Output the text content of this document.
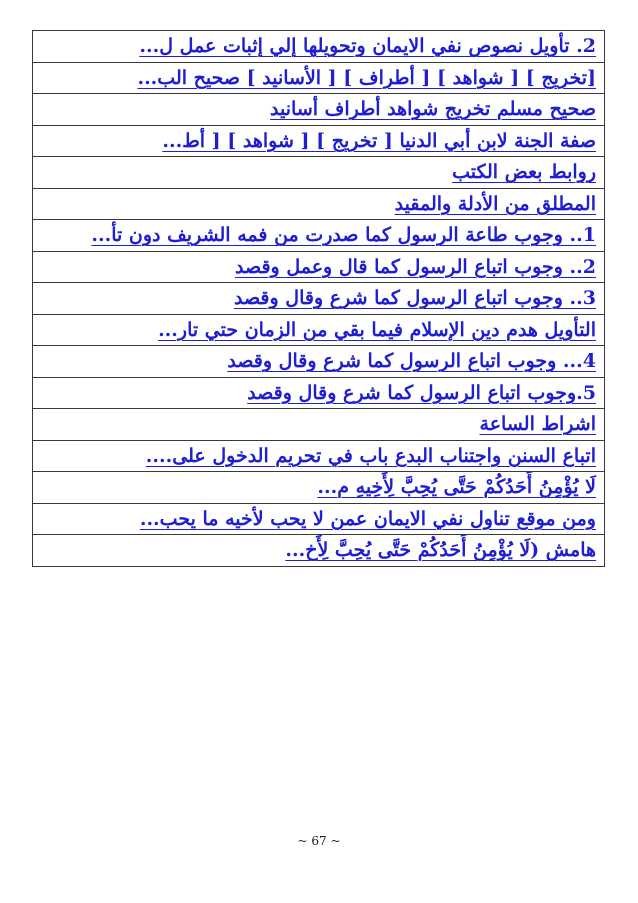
2. تأويل نصوص نفي الايمان وتحويلها إلي إثبات عمل ل...
[تخريج ] [ شواهد ] [ أطراف ] [ الأسانيد ] صحيح الب...
صحيح مسلم تخريج شواهد أطراف أسانيد
صفة الجنة لابن أبي الدنيا [ تخريج ] [ شواهد ] [ أط...
روابط بعض الكتب
المطلق من الأدلة والمقيد
1.. وجوب طاعة الرسول كما صدرت من فمه الشريف دون تأ...
2.. وجوب اتباع الرسول كما قال وعمل وقصد
3.. وجوب اتباع الرسول كما شرع وقال وقصد
التأويل هدم دين الإسلام فيما بقي من الزمان حتي تار...
4... وجوب اتباع الرسول كما شرع وقال وقصد
5.وجوب اتباع الرسول كما شرع وقال وقصد
اشراط الساعة
اتباع السنن واجتناب البدع باب في تحريم الدخول على....
لَا يُؤْمِنُ أَحَدُكُمْ حَتَّى يُحِبَّ لِأَخِيهِ م...
ومن موقع تناول نفي الايمان عمن لا يحب لأخيه ما يحب...
هامش (لَا يُؤْمِنُ أَحَدُكُمْ حَتَّى يُحِبَّ لِأَخ...
~ 67 ~
